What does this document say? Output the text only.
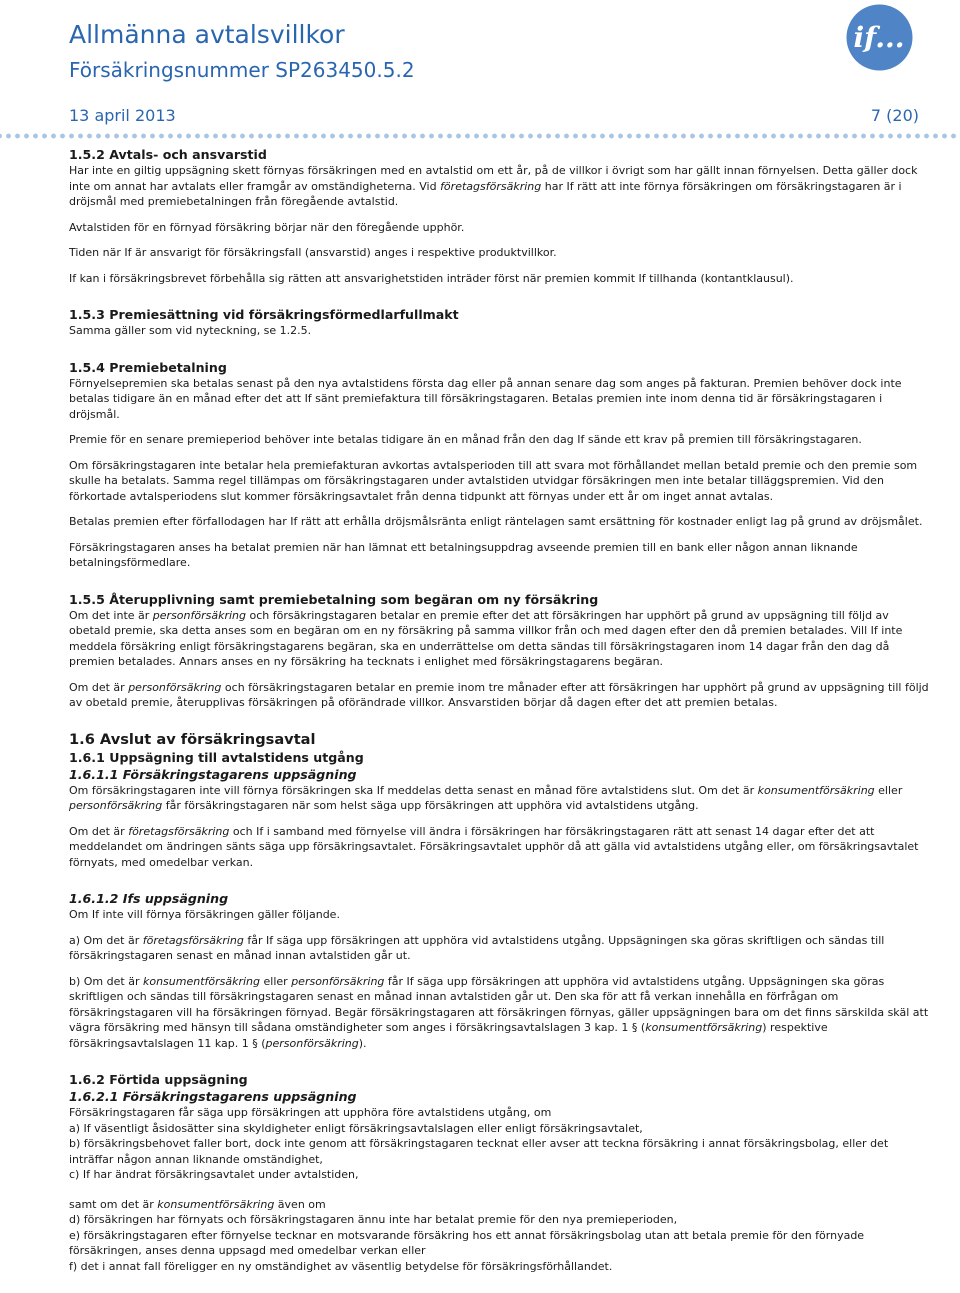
Allmänna avtalsvillkor
Försäkringsnummer SP263450.5.2
13 april 2013	7 (20)
if...
1.5.2 Avtals- och ansvarstid

Har inte en giltig uppsägning skett förnyas försäkringen med en avtalstid om ett år, på de villkor i övrigt som har gällt innan förnyelsen. Detta gäller dock inte om annat har avtalats eller framgår av omständigheterna. Vid företagsförsäkring har If rätt att inte förnya försäkringen om försäkringstagaren är i dröjsmål med premiebetalningen från föregående avtalstid.

Avtalstiden för en förnyad försäkring börjar när den föregående upphör.

Tiden när If är ansvarigt för försäkringsfall (ansvarstid) anges i respektive produktvillkor.

If kan i försäkringsbrevet förbehålla sig rätten att ansvarighetstiden inträder först när premien kommit If tillhanda (kontantklausul).

1.5.3 Premiesättning vid försäkringsförmedlarfullmakt

Samma gäller som vid nyteckning, se 1.2.5.

1.5.4 Premiebetalning

Förnyelsepremien ska betalas senast på den nya avtalstidens första dag eller på annan senare dag som anges på fakturan. Premien behöver dock inte betalas tidigare än en månad efter det att If sänt premiefaktura till försäkringstagaren. Betalas premien inte inom denna tid är försäkringstagaren i dröjsmål.

Premie för en senare premieperiod behöver inte betalas tidigare än en månad från den dag If sände ett krav på premien till försäkringstagaren.

Om försäkringstagaren inte betalar hela premiefakturan avkortas avtalsperioden till att svara mot förhållandet mellan betald premie och den premie som skulle ha betalats. Samma regel tillämpas om försäkringstagaren under avtalstiden utvidgar försäkringen men inte betalar tilläggspremien. Vid den förkortade avtalsperiodens slut kommer försäkringsavtalet från denna tidpunkt att förnyas under ett år om inget annat avtalas.

Betalas premien efter förfallodagen har If rätt att erhålla dröjsmålsränta enligt räntelagen samt ersättning för kostnader enligt lag på grund av dröjsmålet.

Försäkringstagaren anses ha betalat premien när han lämnat ett betalningsuppdrag avseende premien till en bank eller någon annan liknande betalningsförmedlare.

1.5.5 Återupplivning samt premiebetalning som begäran om ny försäkring

Om det inte är personförsäkring och försäkringstagaren betalar en premie efter det att försäkringen har upphört på grund av uppsägning till följd av obetald premie, ska detta anses som en begäran om en ny försäkring på samma villkor från och med dagen efter den då premien betalades. Vill If inte meddela försäkring enligt försäkringstagarens begäran, ska en underrättelse om detta sändas till försäkringstagaren inom 14 dagar från den dag då premien betalades. Annars anses en ny försäkring ha tecknats i enlighet med försäkringstagarens begäran.

Om det är personförsäkring och försäkringstagaren betalar en premie inom tre månader efter att försäkringen har upphört på grund av uppsägning till följd av obetald premie, återupplivas försäkringen på oförändrade villkor. Ansvarstiden börjar då dagen efter det att premien betalas.

1.6 Avslut av försäkringsavtal
1.6.1 Uppsägning till avtalstidens utgång
1.6.1.1 Försäkringstagarens uppsägning

Om försäkringstagaren inte vill förnya försäkringen ska If meddelas detta senast en månad före avtalstidens slut. Om det är konsumentförsäkring eller personförsäkring får försäkringstagaren när som helst säga upp försäkringen att upphöra vid avtalstidens utgång.

Om det är företagsförsäkring och If i samband med förnyelse vill ändra i försäkringen har försäkringstagaren rätt att senast 14 dagar efter det att meddelandet om ändringen sänts säga upp försäkringsavtalet. Försäkringsavtalet upphör då att gälla vid avtalstidens utgång eller, om försäkringsavtalet förnyats, med omedelbar verkan.

1.6.1.2 Ifs uppsägning

Om If inte vill förnya försäkringen gäller följande.

a) Om det är företagsförsäkring får If säga upp försäkringen att upphöra vid avtalstidens utgång. Uppsägningen ska göras skriftligen och sändas till försäkringstagaren senast en månad innan avtalstiden går ut.

b) Om det är konsumentförsäkring eller personförsäkring får If säga upp försäkringen att upphöra vid avtalstidens utgång. Uppsägningen ska göras skriftligen och sändas till försäkringstagaren senast en månad innan avtalstiden går ut. Den ska för att få verkan innehålla en förfrågan om försäkringstagaren vill ha försäkringen förnyad. Begär försäkringstagaren att försäkringen förnyas, gäller uppsägningen bara om det finns särskilda skäl att vägra försäkring med hänsyn till sådana omständigheter som anges i försäkringsavtalslagen 3 kap. 1 § (konsumentförsäkring) respektive försäkringsavtalslagen 11 kap. 1 § (personförsäkring).

1.6.2 Förtida uppsägning
1.6.2.1 Försäkringstagarens uppsägning

Försäkringstagaren får säga upp försäkringen att upphöra före avtalstidens utgång, om

a) If väsentligt åsidosätter sina skyldigheter enligt försäkringsavtalslagen eller enligt försäkringsavtalet,

b) försäkringsbehovet faller bort, dock inte genom att försäkringstagaren tecknat eller avser att teckna försäkring i annat försäkringsbolag, eller det inträffar någon annan liknande omständighet,

c) If har ändrat försäkringsavtalet under avtalstiden,

samt om det är konsumentförsäkring även om

d) försäkringen har förnyats och försäkringstagaren ännu inte har betalat premie för den nya premieperioden,

e) försäkringstagaren efter förnyelse tecknar en motsvarande försäkring hos ett annat försäkringsbolag utan att betala premie för den förnyade försäkringen, anses denna uppsagd med omedelbar verkan eller

f) det i annat fall föreligger en ny omständighet av väsentlig betydelse för försäkringsförhållandet.
